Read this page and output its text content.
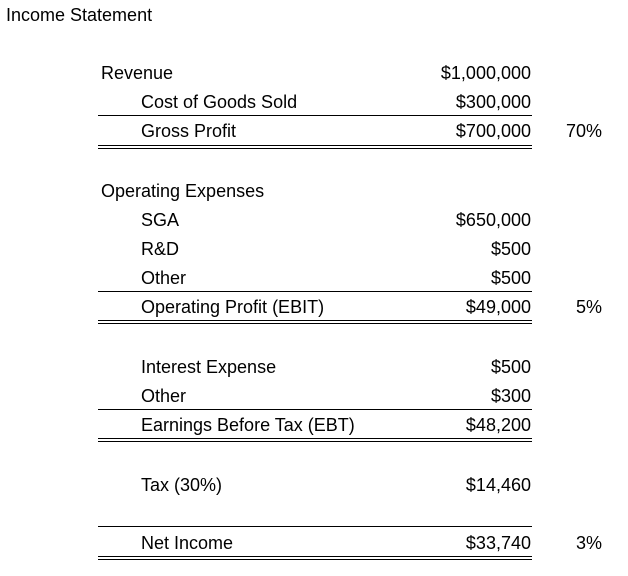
Income Statement
Revenue	$1,000,000
Cost of Goods Sold	$300,000
Gross Profit	$700,000 70%
Operating Expenses
SGA	$650,000
R&D	$500
Other	$500
Operating Profit (EBIT)	$49,000 5%
Interest Expense	$500
Other	$300
Earnings Before Tax (EBT)	$48,200
Tax (30%)	$14,460
Net Income	$33,740 3%
